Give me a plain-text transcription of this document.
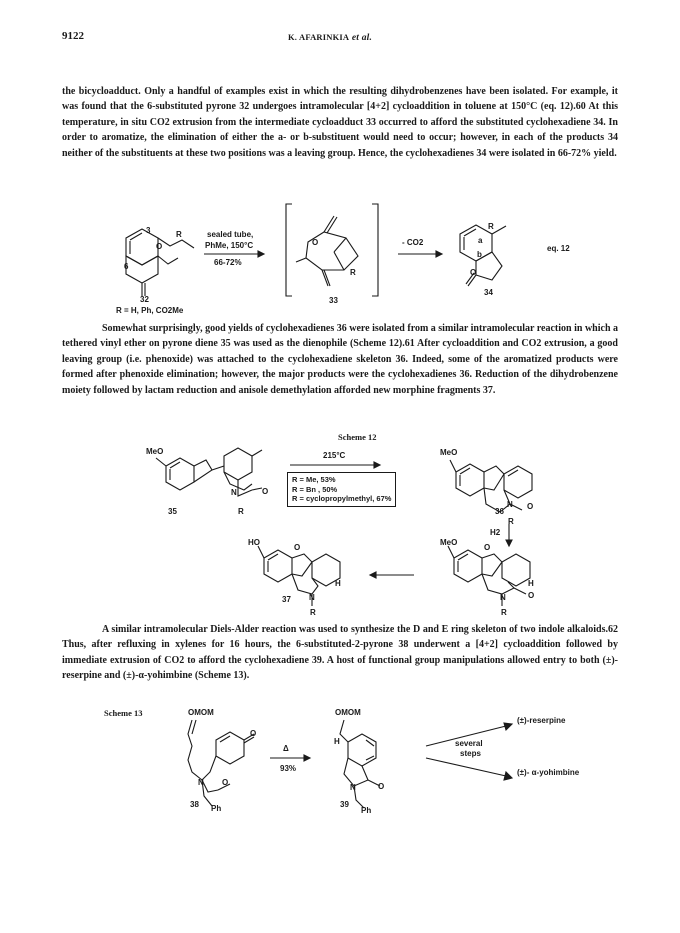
9122	K. AFARINKIA et al.

the bicycloadduct. Only a handful of examples exist in which the resulting dihydrobenzenes have been isolated. For example, it was found that the 6-substituted pyrone 32 undergoes intramolecular [4+2] cycloaddition in toluene at 150°C (eq. 12).60 At this temperature, in situ CO2 extrusion from the intermediate cycloadduct 33 occurred to afford the substituted cyclohexadiene 34. In order to aromatize, the elimination of either the a- or b-substituent would need to occur; however, in each of the products 34 neither of the substituents at these two positions was a leaving group. Hence, the cyclohexadienes 34 were isolated in 66-72% yield.

3
6
R
O
sealed tube,
PhMe, 150°C
66-72%
O
R
33
- CO2
R
a
b
O
34
eq. 12
32
R = H, Ph, CO2Me

Somewhat surprisingly, good yields of cyclohexadienes 36 were isolated from a similar intramolecular reaction in which a tethered vinyl ether on pyrone diene 35 was used as the dienophile (Scheme 12).61 After cycloaddition and CO2 extrusion, a good leaving group (i.e. phenoxide) was attached to the cyclohexadiene skeleton 36. Indeed, some of the aromatized products were formed after phenoxide elimination; however, the major products were the cyclohexadienes 36. Reduction of the dihydrobenzene moiety followed by lactam reduction and anisole demethylation afforded new morphine fragments 37.

Scheme 12
MeO
N
R
O
35
215°C
R = Me, 53%
R = Bn , 50%
R = cyclopropylmethyl, 67%
MeO
N
R
O
36
H2
HO
O
H
N
R
37
MeO
O
H
N	O
R

A similar intramolecular Diels-Alder reaction was used to synthesize the D and E ring skeleton of two indole alkaloids.62 Thus, after refluxing in xylenes for 16 hours, the 6-substituted-2-pyrone 38 underwent a [4+2] cycloaddition followed by immediate extrusion of CO2 to afford the cyclohexadiene 39. A host of functional group manipulations allowed entry to both (±)-reserpine and (±)-α-yohimbine (Scheme 13).

Scheme 13	OMOM
O
N O
Ph
38
Δ
93%
OMOM
H
N	O
Ph
39
several
steps
(±)-reserpine
(±)- α-yohimbine
